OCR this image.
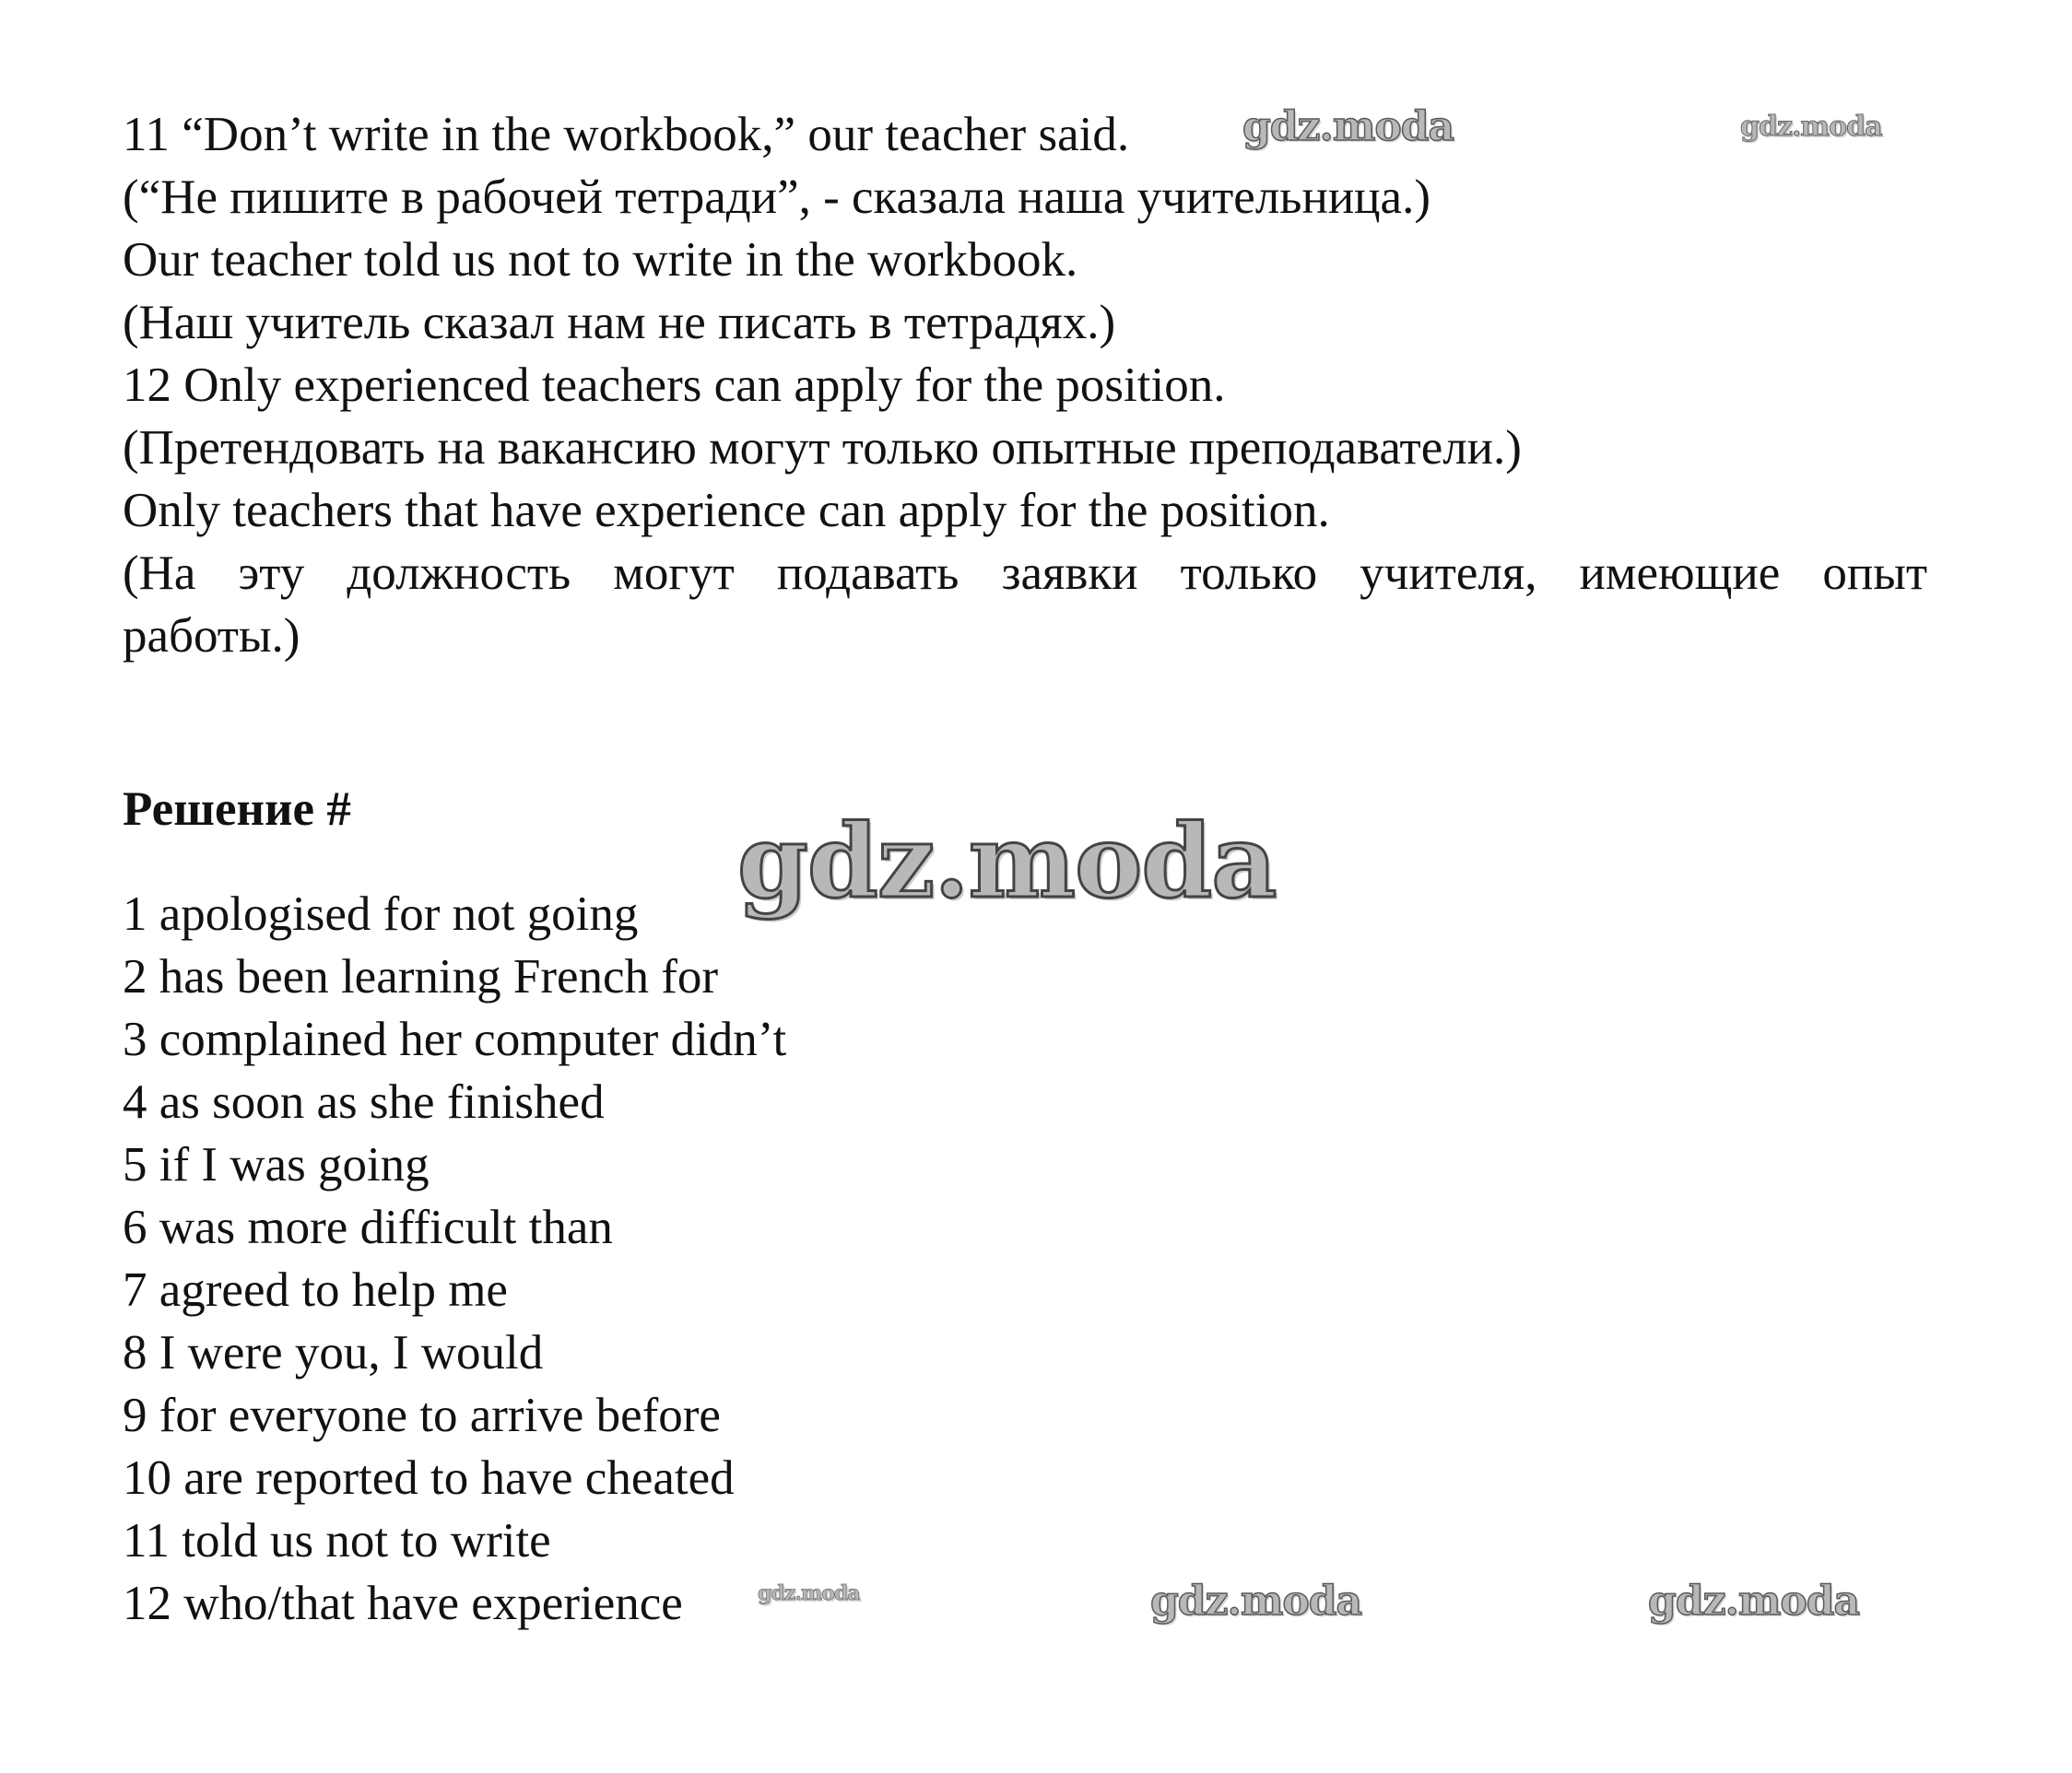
11 “Don’t write in the workbook,” our teacher said.

(“Не пишите в рабочей тетради”, - сказала наша учительница.)

Our teacher told us not to write in the workbook.

(Наш учитель сказал нам не писать в тетрадях.)

12 Only experienced teachers can apply for the position.

(Претендовать на вакансию могут только опытные преподаватели.)

Only teachers that have experience can apply for the position.

(На эту должность могут подавать заявки только учителя, имеющие опыт

работы.)

Решение #

1 apologised for not going

2 has been learning French for

3 complained her computer didn’t

4 as soon as she finished

5 if I was going

6 was more difficult than

7 agreed to help me

8 I were you, I would

9 for everyone to arrive before

10 are reported to have cheated

11 told us not to write

12 who/that have experience

gdz.moda	gdz.moda
gdz.moda
gdz.moda	gdz.moda	gdz.moda
